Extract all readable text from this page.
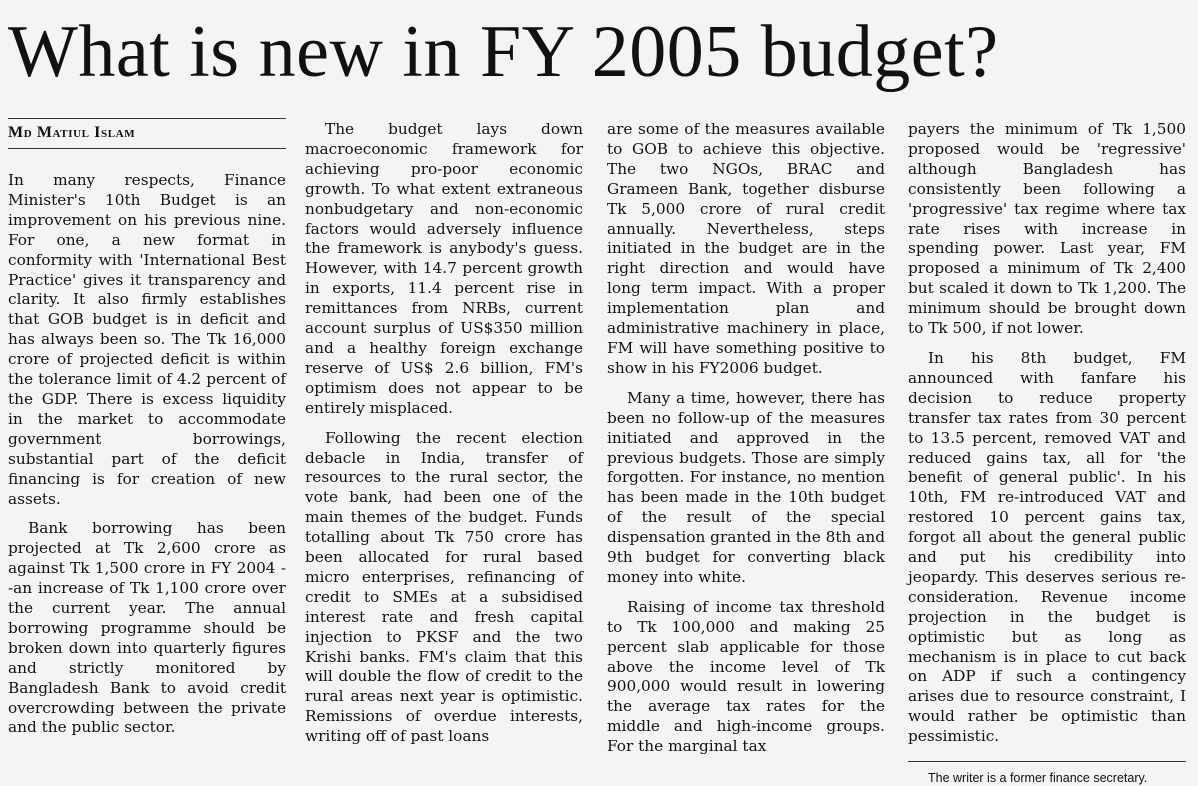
What is new in FY 2005 budget?
Md Matiul Islam

In many respects, Finance Minister's 10th Budget is an improvement on his previous nine. For one, a new format in conformity with 'International Best Practice' gives it transparency and clarity. It also firmly establishes that GOB budget is in deficit and has always been so. The Tk 16,000 crore of projected deficit is within the tolerance limit of 4.2 percent of the GDP. There is excess liquidity in the market to accommodate government borrowings, substantial part of the deficit financing is for creation of new assets.

Bank borrowing has been projected at Tk 2,600 crore as against Tk 1,500 crore in FY 2004 --an increase of Tk 1,100 crore over the current year. The annual borrowing programme should be broken down into quarterly figures and strictly monitored by Bangladesh Bank to avoid credit overcrowding between the private and the public sector.

The budget lays down macroeconomic framework for achieving pro-poor economic growth. To what extent extraneous nonbudgetary and non-economic factors would adversely influence the framework is anybody's guess. However, with 14.7 percent growth in exports, 11.4 percent rise in remittances from NRBs, current account surplus of US$350 million and a healthy foreign exchange reserve of US$ 2.6 billion, FM's optimism does not appear to be entirely misplaced.

Following the recent election debacle in India, transfer of resources to the rural sector, the vote bank, had been one of the main themes of the budget. Funds totalling about Tk 750 crore has been allocated for rural based micro enterprises, refinancing of credit to SMEs at a subsidised interest rate and fresh capital injection to PKSF and the two Krishi banks. FM's claim that this will double the flow of credit to the rural areas next year is optimistic. Remissions of overdue interests, writing off of past loans

are some of the measures available to GOB to achieve this objective. The two NGOs, BRAC and Grameen Bank, together disburse Tk 5,000 crore of rural credit annually. Nevertheless, steps initiated in the budget are in the right direction and would have long term impact. With a proper implementation plan and administrative machinery in place, FM will have something positive to show in his FY2006 budget.

Many a time, however, there has been no follow-up of the measures initiated and approved in the previous budgets. Those are simply forgotten. For instance, no mention has been made in the 10th budget of the result of the special dispensation granted in the 8th and 9th budget for converting black money into white.

Raising of income tax threshold to Tk 100,000 and making 25 percent slab applicable for those above the income level of Tk 900,000 would result in lowering the average tax rates for the middle and high-income groups. For the marginal tax

payers the minimum of Tk 1,500 proposed would be 'regressive' although Bangladesh has consistently been following a 'progressive' tax regime where tax rate rises with increase in spending power. Last year, FM proposed a minimum of Tk 2,400 but scaled it down to Tk 1,200. The minimum should be brought down to Tk 500, if not lower.

In his 8th budget, FM announced with fanfare his decision to reduce property transfer tax rates from 30 percent to 13.5 percent, removed VAT and reduced gains tax, all for 'the benefit of general public'. In his 10th, FM re-introduced VAT and restored 10 percent gains tax, forgot all about the general public and put his credibility into jeopardy. This deserves serious re-consideration. Revenue income projection in the budget is optimistic but as long as mechanism is in place to cut back on ADP if such a contingency arises due to resource constraint, I would rather be optimistic than pessimistic.

The writer is a former finance secretary.
